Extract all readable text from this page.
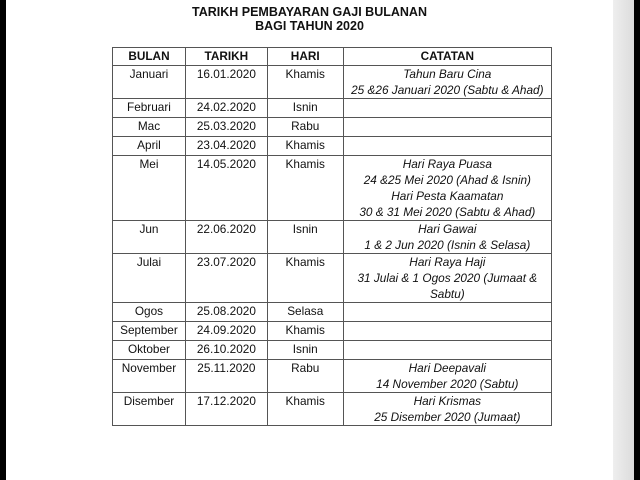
TARIKH PEMBAYARAN GAJI BULANAN
BAGI TAHUN 2020
BULAN	TARIKH	HARI	CATATAN
Januari	16.01.2020	Khamis	Tahun Baru Cina
25 &26 Januari 2020 (Sabtu & Ahad)

Februari	24.02.2020	Isnin	
Mac	25.03.2020	Rabu	
April	23.04.2020	Khamis	
Mei	14.05.2020	Khamis	Hari Raya Puasa
24 &25 Mei 2020 (Ahad & Isnin)
Hari Pesta Kaamatan
30 & 31 Mei 2020 (Sabtu & Ahad)

Jun	22.06.2020	Isnin	Hari Gawai
1 & 2 Jun 2020 (Isnin & Selasa)

Julai	23.07.2020	Khamis	Hari Raya Haji
31 Julai & 1 Ogos 2020 (Jumaat &
Sabtu)

Ogos	25.08.2020	Selasa	
September	24.09.2020	Khamis	
Oktober	26.10.2020	Isnin	
November	25.11.2020	Rabu	Hari Deepavali
14 November 2020 (Sabtu)

Disember	17.12.2020	Khamis	Hari Krismas
25 Disember 2020 (Jumaat)
